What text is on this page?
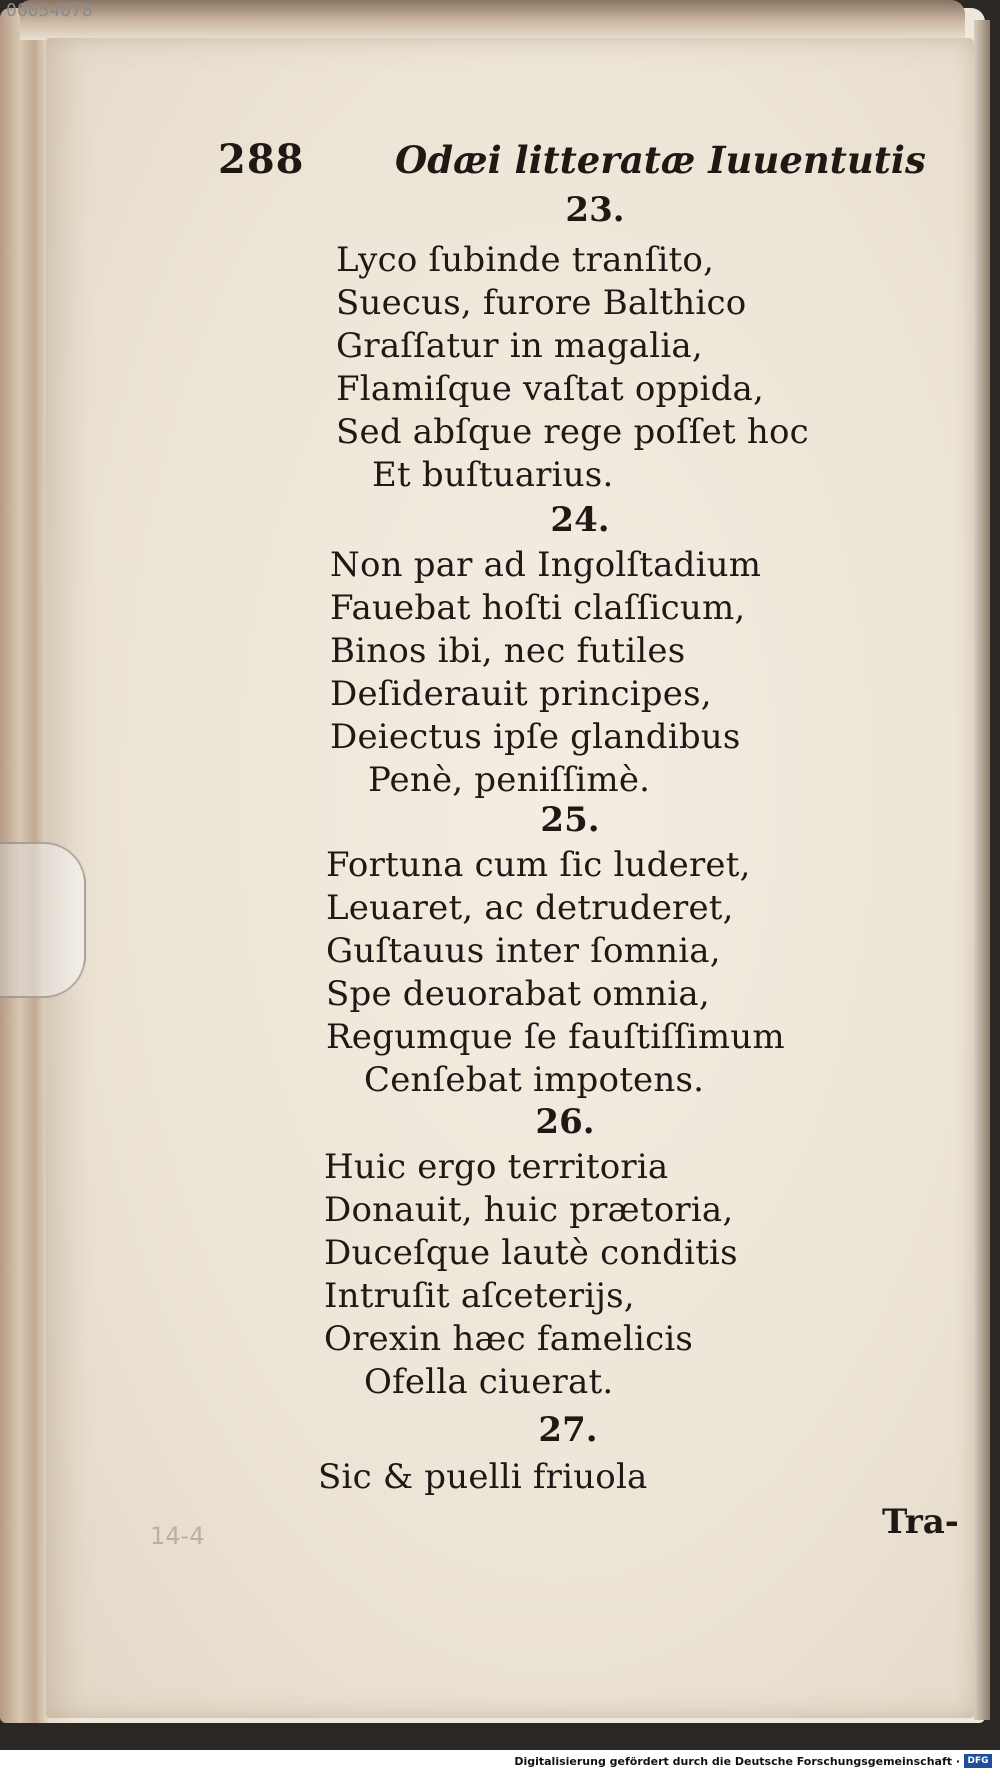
00054078
288 Odæi litteratæ Iuuentutis
23.
Lyco ſubinde tranſito,
Suecus, furore Balthico
Graſſatur in magalia,
Flamiſque vaſtat oppida,
Sed abſque rege poſſet hoc
Et buſtuarius.
24.
Non par ad Ingolſtadium
Fauebat hoſti claſſicum,
Binos ibi, nec futiles
Deſiderauit principes,
Deiectus ipſe glandibus
Penè, peniſſimè.
25.
Fortuna cum ſic luderet,
Leuaret, ac detruderet,
Guſtauus inter ſomnia,
Spe deuorabat omnia,
Regumque ſe fauſtiſſimum
Cenſebat impotens.
26.
Huic ergo territoria
Donauit, huic prætoria,
Duceſque lautè conditis
Intruſit aſceterijs,
Orexin hæc famelicis
Ofella ciuerat.
27.
Sic & puelli friuola
Tra-
14-4
Digitalisierung gefördert durch die Deutsche Forschungsgemeinschaft · DFG
